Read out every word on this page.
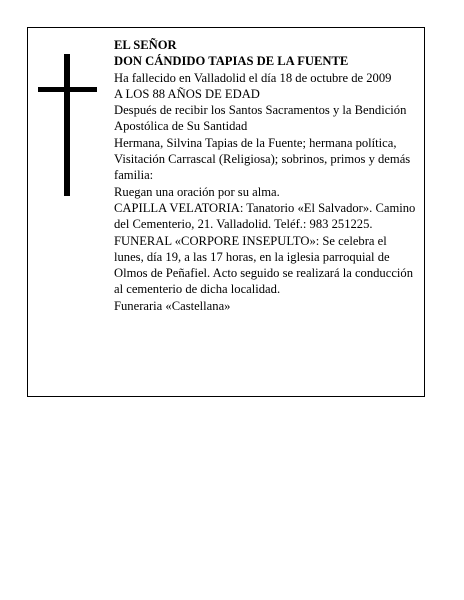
EL SEÑOR

DON CÁNDIDO TAPIAS DE LA FUENTE

Ha fallecido en Valladolid el día 18 de octubre de 2009

A LOS 88 AÑOS DE EDAD

Después de recibir los Santos Sacramentos y la Bendición Apostólica de Su Santidad

Hermana, Silvina Tapias de la Fuente; hermana política, Visitación Carrascal (Religiosa); sobrinos, primos y demás familia:

Ruegan una oración por su alma.

CAPILLA VELATORIA: Tanatorio «El Salvador». Camino del Cementerio, 21. Valladolid. Teléf.: 983 251225.

FUNERAL «CORPORE INSEPULTO»: Se celebra el lunes, día 19, a las 17 horas, en la iglesia parroquial de Olmos de Peñafiel. Acto seguido se realizará la conducción al cementerio de dicha localidad.

Funeraria «Castellana»
